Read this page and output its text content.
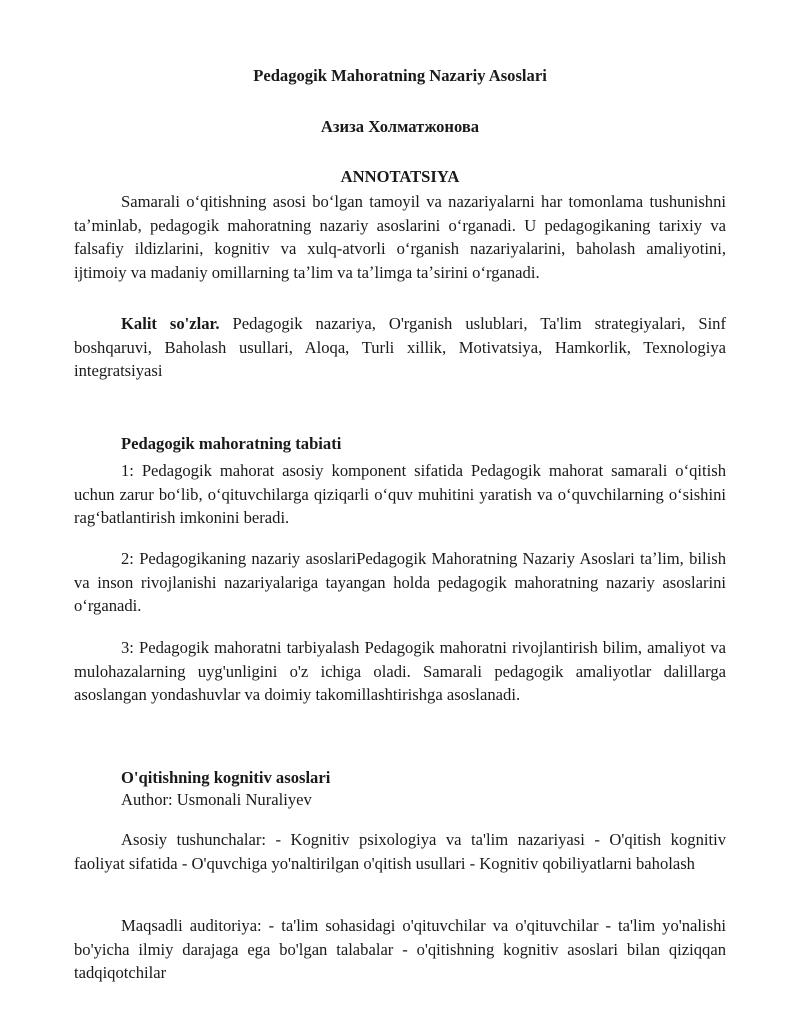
Pedagogik Mahoratning Nazariy Asoslari
Азиза Холматжонова
ANNOTATSIYA
Samarali oʻqitishning asosi boʻlgan tamoyil va nazariyalarni har tomonlama tushunishni taʼminlab, pedagogik mahoratning nazariy asoslarini oʻrganadi. U pedagogikaning tarixiy va falsafiy ildizlarini, kognitiv va xulq-atvorli oʻrganish nazariyalarini, baholash amaliyotini, ijtimoiy va madaniy omillarning taʼlim va taʼlimga taʼsirini oʻrganadi.
Kalit so'zlar. Pedagogik nazariya, O'rganish uslublari, Ta'lim strategiyalari, Sinf boshqaruvi, Baholash usullari, Aloqa, Turli xillik, Motivatsiya, Hamkorlik, Texnologiya integratsiyasi
Pedagogik mahoratning tabiati
1: Pedagogik mahorat asosiy komponent sifatida Pedagogik mahorat samarali oʻqitish uchun zarur boʻlib, oʻqituvchilarga qiziqarli oʻquv muhitini yaratish va oʻquvchilarning oʻsishini ragʻbatlantirish imkonini beradi.
2: Pedagogikaning nazariy asoslariPedagogik Mahoratning Nazariy Asoslari taʼlim, bilish va inson rivojlanishi nazariyalariga tayangan holda pedagogik mahoratning nazariy asoslarini oʻrganadi.
3: Pedagogik mahoratni tarbiyalash Pedagogik mahoratni rivojlantirish bilim, amaliyot va mulohazalarning uyg'unligini o'z ichiga oladi. Samarali pedagogik amaliyotlar dalillarga asoslangan yondashuvlar va doimiy takomillashtirishga asoslanadi.
O'qitishning kognitiv asoslari
Author: Usmonali Nuraliyev
Asosiy tushunchalar: - Kognitiv psixologiya va ta'lim nazariyasi - O'qitish kognitiv faoliyat sifatida - O'quvchiga yo'naltirilgan o'qitish usullari - Kognitiv qobiliyatlarni baholash
Maqsadli auditoriya: - ta'lim sohasidagi o'qituvchilar va o'qituvchilar - ta'lim yo'nalishi bo'yicha ilmiy darajaga ega bo'lgan talabalar - o'qitishning kognitiv asoslari bilan qiziqqan tadqiqotchilar
